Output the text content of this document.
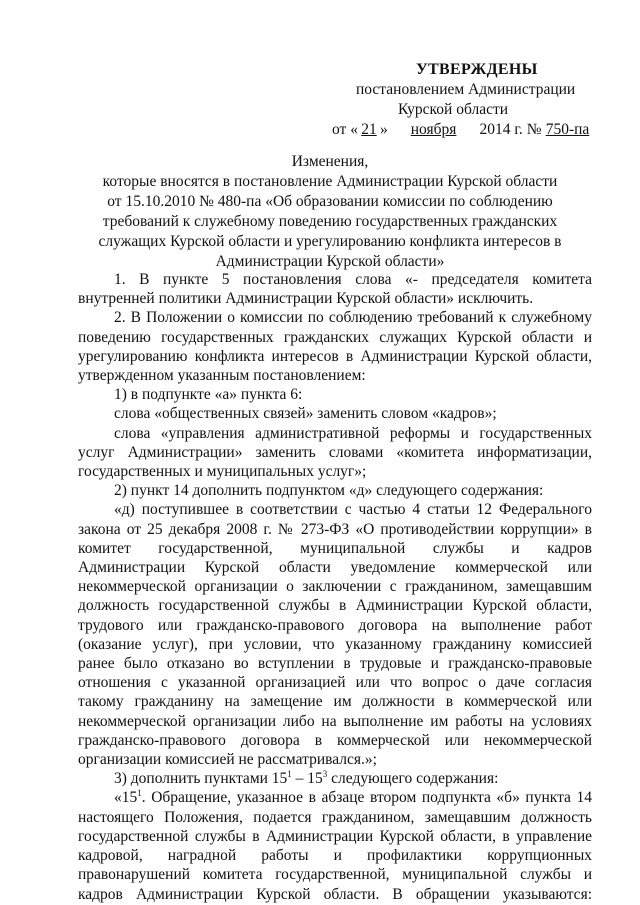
УТВЕРЖДЕНЫ
постановлением Администрации
Курской области
от « 21 » ноября 2014 г. № 750-па
Изменения,
которые вносятся в постановление Администрации Курской области
от 15.10.2010 № 480-па «Об образовании комиссии по соблюдению
требований к служебному поведению государственных гражданских
служащих Курской области и урегулированию конфликта интересов в
Администрации Курской области»

1. В пункте 5 постановления слова «- председателя комитета

внутренней политики Администрации Курской области» исключить.

2. В Положении о комиссии по соблюдению требований к служебному

поведению государственных гражданских служащих Курской области и

урегулированию конфликта интересов в Администрации Курской области,

утвержденном указанным постановлением:

1) в подпункте «а» пункта 6:

слова «общественных связей» заменить словом «кадров»;

слова «управления административной реформы и государственных

услуг Администрации» заменить словами «комитета информатизации,

государственных и муниципальных услуг»;

2) пункт 14 дополнить подпунктом «д» следующего содержания:

«д) поступившее в соответствии с частью 4 статьи 12 Федерального

закона от 25 декабря 2008 г. № 273-ФЗ «О противодействии коррупции» в

комитет государственной, муниципальной службы и кадров

Администрации Курской области уведомление коммерческой или

некоммерческой организации о заключении с гражданином, замещавшим

должность государственной службы в Администрации Курской области,

трудового или гражданско-правового договора на выполнение работ

(оказание услуг), при условии, что указанному гражданину комиссией

ранее было отказано во вступлении в трудовые и гражданско-правовые

отношения с указанной организацией или что вопрос о даче согласия

такому гражданину на замещение им должности в коммерческой или

некоммерческой организации либо на выполнение им работы на условиях

гражданско-правового договора в коммерческой или некоммерческой

организации комиссией не рассматривался.»;

3) дополнить пунктами $15^1 - 15^3$ следующего содержания:

«$15^1$. Обращение, указанное в абзаце втором подпункта «б» пункта 14

настоящего Положения, подается гражданином, замещавшим должность

государственной службы в Администрации Курской области, в управление

кадровой, наградной работы и профилактики коррупционных

правонарушений комитета государственной, муниципальной службы и

кадров Администрации Курской области. В обращении указываются:
